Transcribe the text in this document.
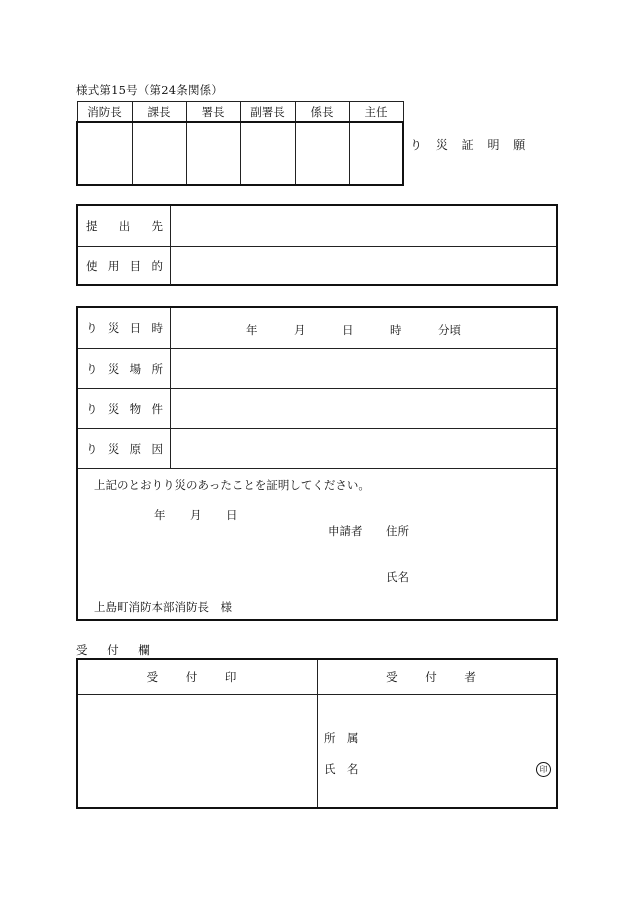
様式第15号（第24条関係）
消防長	課長	署長	副署長	係長	主任

り 災 証 明 願
提 出 先
使 用 目 的
り 災 日 時	年	月	日	時	分頃
り 災 場 所
り 災 物 件
り 災 原 因
上記のとおりり災のあったことを証明してください。
年 月 日
申請者 住所
氏名
上島町消防本部消防長　様
受 付 欄
受 付 印	受 付 者
所　属
氏　名	印
